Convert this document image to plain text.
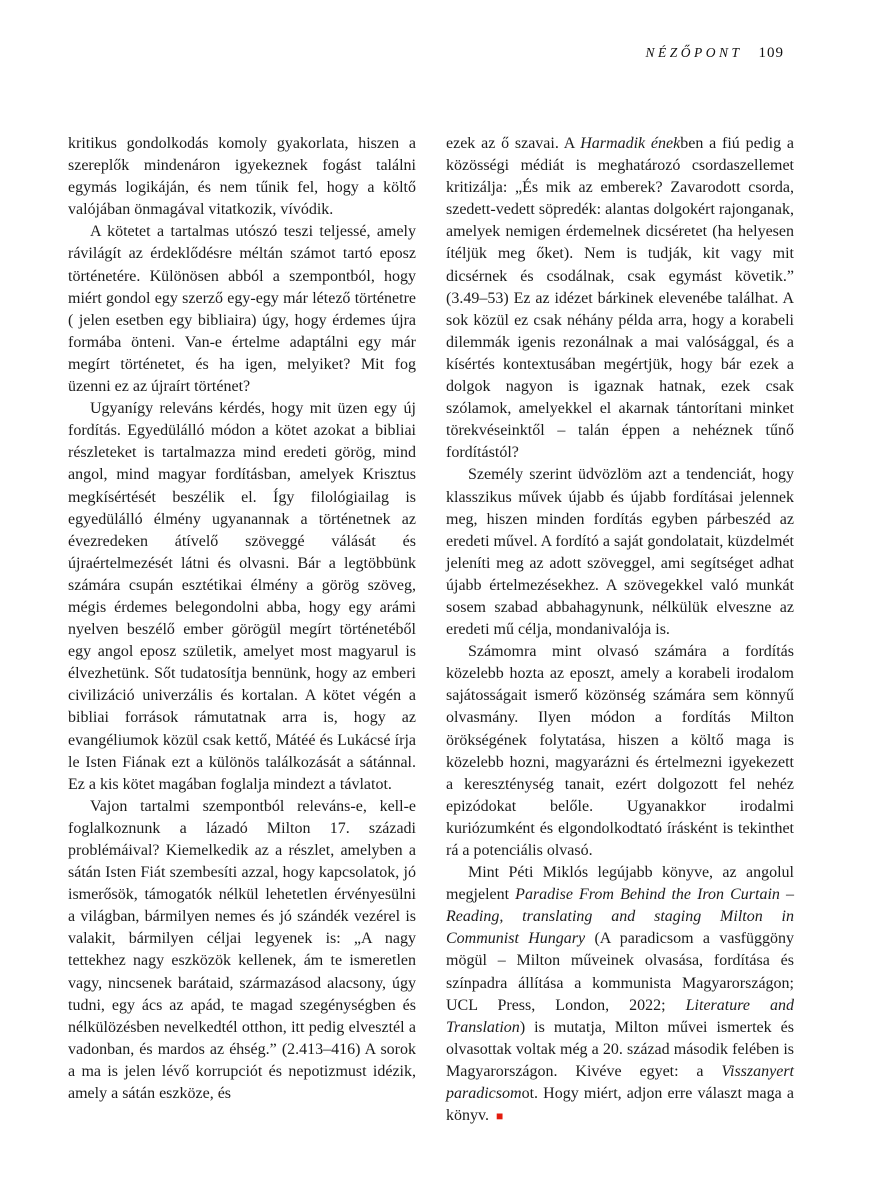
NÉZŐPONT 109

kritikus gondolkodás komoly gyakorlata, hiszen a szereplők mindenáron igyekeznek fogást találni egymás logikáján, és nem tűnik fel, hogy a költő valójában önmagával vitatkozik, vívódik.

A kötetet a tartalmas utószó teszi teljessé, amely rávilágít az érdeklődésre méltán számot tartó eposz történetére. Különösen abból a szempontból, hogy miért gondol egy szerző egy-egy már létező történetre ( jelen esetben egy bibliaira) úgy, hogy érdemes újra formába önteni. Van-e értelme adaptálni egy már megírt történetet, és ha igen, melyiket? Mit fog üzenni ez az újraírt történet?

Ugyanígy releváns kérdés, hogy mit üzen egy új fordítás. Egyedülálló módon a kötet azokat a bibliai részleteket is tartalmazza mind eredeti görög, mind angol, mind magyar fordításban, amelyek Krisztus megkísértését beszélik el. Így filológiailag is egyedülálló élmény ugyanannak a történetnek az évezredeken átívelő szöveggé válását és újraértelmezését látni és olvasni. Bár a legtöbbünk számára csupán esztétikai élmény a görög szöveg, mégis érdemes belegondolni abba, hogy egy arámi nyelven beszélő ember görögül megírt történetéből egy angol eposz születik, amelyet most magyarul is élvezhetünk. Sőt tudatosítja bennünk, hogy az emberi civilizáció univerzális és kortalan. A kötet végén a bibliai források rámutatnak arra is, hogy az evangéliumok közül csak kettő, Mátéé és Lukácsé írja le Isten Fiának ezt a különös találkozását a sátánnal. Ez a kis kötet magában foglalja mindezt a távlatot.

Vajon tartalmi szempontból releváns-e, kell-e foglalkoznunk a lázadó Milton 17. századi problémáival? Kiemelkedik az a részlet, amelyben a sátán Isten Fiát szembesíti azzal, hogy kapcsolatok, jó ismerősök, támogatók nélkül lehetetlen érvényesülni a világban, bármilyen nemes és jó szándék vezérel is valakit, bármilyen céljai legyenek is: „A nagy tettekhez nagy eszközök kellenek, ám te ismeretlen vagy, nincsenek barátaid, származásod alacsony, úgy tudni, egy ács az apád, te magad szegénységben és nélkülözésben nevelkedtél otthon, itt pedig elvesztél a vadonban, és mardos az éhség.” (2.413–416) A sorok a ma is jelen lévő korrupciót és nepotizmust idézik, amely a sátán eszköze, és

ezek az ő szavai. A Harmadik énekben a fiú pedig a közösségi médiát is meghatározó csordaszellemet kritizálja: „És mik az emberek? Zavarodott csorda, szedett-vedett söpredék: alantas dolgokért rajonganak, amelyek nemigen érdemelnek dicséretet (ha helyesen ítéljük meg őket). Nem is tudják, kit vagy mit dicsérnek és csodálnak, csak egymást követik.” (3.49–53) Ez az idézet bárkinek elevenébe találhat. A sok közül ez csak néhány példa arra, hogy a korabeli dilemmák igenis rezonálnak a mai valósággal, és a kísértés kontextusában megértjük, hogy bár ezek a dolgok nagyon is igaznak hatnak, ezek csak szólamok, amelyekkel el akarnak tántorítani minket törekvéseinktől – talán éppen a nehéznek tűnő fordítástól?

Személy szerint üdvözlöm azt a tendenciát, hogy klasszikus művek újabb és újabb fordításai jelennek meg, hiszen minden fordítás egyben párbeszéd az eredeti művel. A fordító a saját gondolatait, küzdelmét jeleníti meg az adott szöveggel, ami segítséget adhat újabb értelmezésekhez. A szövegekkel való munkát sosem szabad abbahagynunk, nélkülük elveszne az eredeti mű célja, mondanivalója is.

Számomra mint olvasó számára a fordítás közelebb hozta az eposzt, amely a korabeli irodalom sajátosságait ismerő közönség számára sem könnyű olvasmány. Ilyen módon a fordítás Milton örökségének folytatása, hiszen a költő maga is közelebb hozni, magyarázni és értelmezni igyekezett a kereszténység tanait, ezért dolgozott fel nehéz epizódokat belőle. Ugyanakkor irodalmi kuriózumként és elgondolkodtató írásként is tekinthet rá a potenciális olvasó.

Mint Péti Miklós legújabb könyve, az angolul megjelent Paradise From Behind the Iron Curtain – Reading, translating and staging Milton in Communist Hungary (A paradicsom a vasfüggöny mögül – Milton műveinek olvasása, fordítása és színpadra állítása a kommunista Magyarországon; UCL Press, London, 2022; Literature and Translation) is mutatja, Milton művei ismertek és olvasottak voltak még a 20. század második felében is Magyarországon. Kivéve egyet: a Visszanyert paradicsomot. Hogy miért, adjon erre választ maga a könyv. ■
